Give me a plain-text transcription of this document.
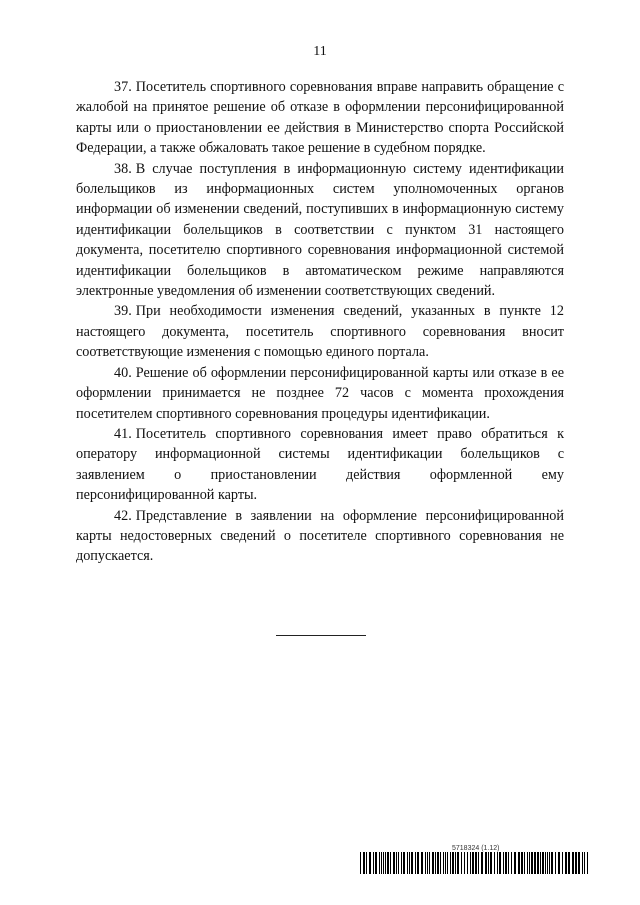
11

37. Посетитель спортивного соревнования вправе направить обращение с жалобой на принятое решение об отказе в оформлении персонифицированной карты или о приостановлении ее действия в Министерство спорта Российской Федерации, а также обжаловать такое решение в судебном порядке.

38. В случае поступления в информационную систему идентификации болельщиков из информационных систем уполномоченных органов информации об изменении сведений, поступивших в информационную систему идентификации болельщиков в соответствии с пунктом 31 настоящего документа, посетителю спортивного соревнования информационной системой идентификации болельщиков в автоматическом режиме направляются электронные уведомления об изменении соответствующих сведений.

39. При необходимости изменения сведений, указанных в пункте 12 настоящего документа, посетитель спортивного соревнования вносит соответствующие изменения с помощью единого портала.

40. Решение об оформлении персонифицированной карты или отказе в ее оформлении принимается не позднее 72 часов с момента прохождения посетителем спортивного соревнования процедуры идентификации.

41. Посетитель спортивного соревнования имеет право обратиться к оператору информационной системы идентификации болельщиков с заявлением о приостановлении действия оформленной ему персонифицированной карты.

42. Представление в заявлении на оформление персонифицированной карты недостоверных сведений о посетителе спортивного соревнования не допускается.

5718324 (1.12)
